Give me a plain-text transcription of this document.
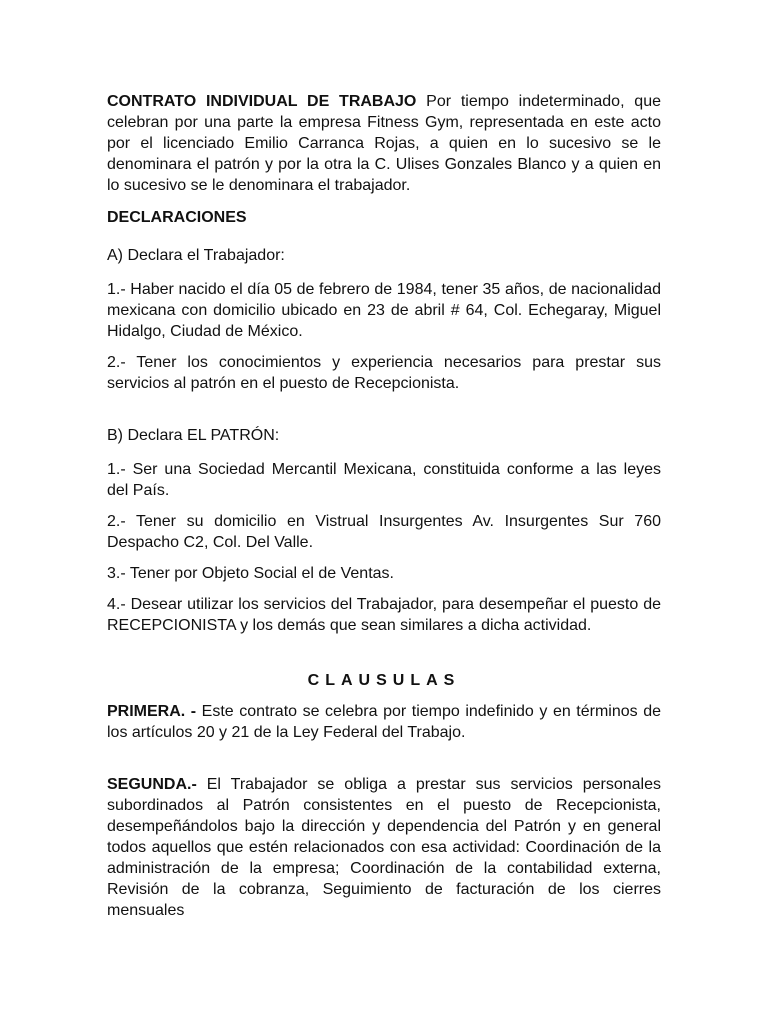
CONTRATO INDIVIDUAL DE TRABAJO Por tiempo indeterminado, que celebran por una parte la empresa Fitness Gym, representada en este acto por el licenciado Emilio Carranca Rojas, a quien en lo sucesivo se le denominara el patrón y por la otra la C. Ulises Gonzales Blanco y a quien en lo sucesivo se le denominara el trabajador.

DECLARACIONES

A) Declara el Trabajador:

1.- Haber nacido el día 05 de febrero de 1984, tener 35 años, de nacionalidad mexicana con domicilio ubicado en 23 de abril # 64, Col. Echegaray, Miguel Hidalgo, Ciudad de México.

2.- Tener los conocimientos y experiencia necesarios para prestar sus servicios al patrón en el puesto de Recepcionista.

B) Declara EL PATRÓN:

1.- Ser una Sociedad Mercantil Mexicana, constituida conforme a las leyes del País.

2.- Tener su domicilio en Vistrual Insurgentes Av. Insurgentes Sur 760 Despacho C2, Col. Del Valle.

3.- Tener por Objeto Social el de Ventas.

4.- Desear utilizar los servicios del Trabajador, para desempeñar el puesto de RECEPCIONISTA y los demás que sean similares a dicha actividad.

CLAUSULAS

PRIMERA. - Este contrato se celebra por tiempo indefinido y en términos de los artículos 20 y 21 de la Ley Federal del Trabajo.

SEGUNDA.- El Trabajador se obliga a prestar sus servicios personales subordinados al Patrón consistentes en el puesto de Recepcionista, desempeñándolos bajo la dirección y dependencia del Patrón y en general todos aquellos que estén relacionados con esa actividad: Coordinación de la administración de la empresa; Coordinación de la contabilidad externa, Revisión de la cobranza, Seguimiento de facturación de los cierres mensuales
